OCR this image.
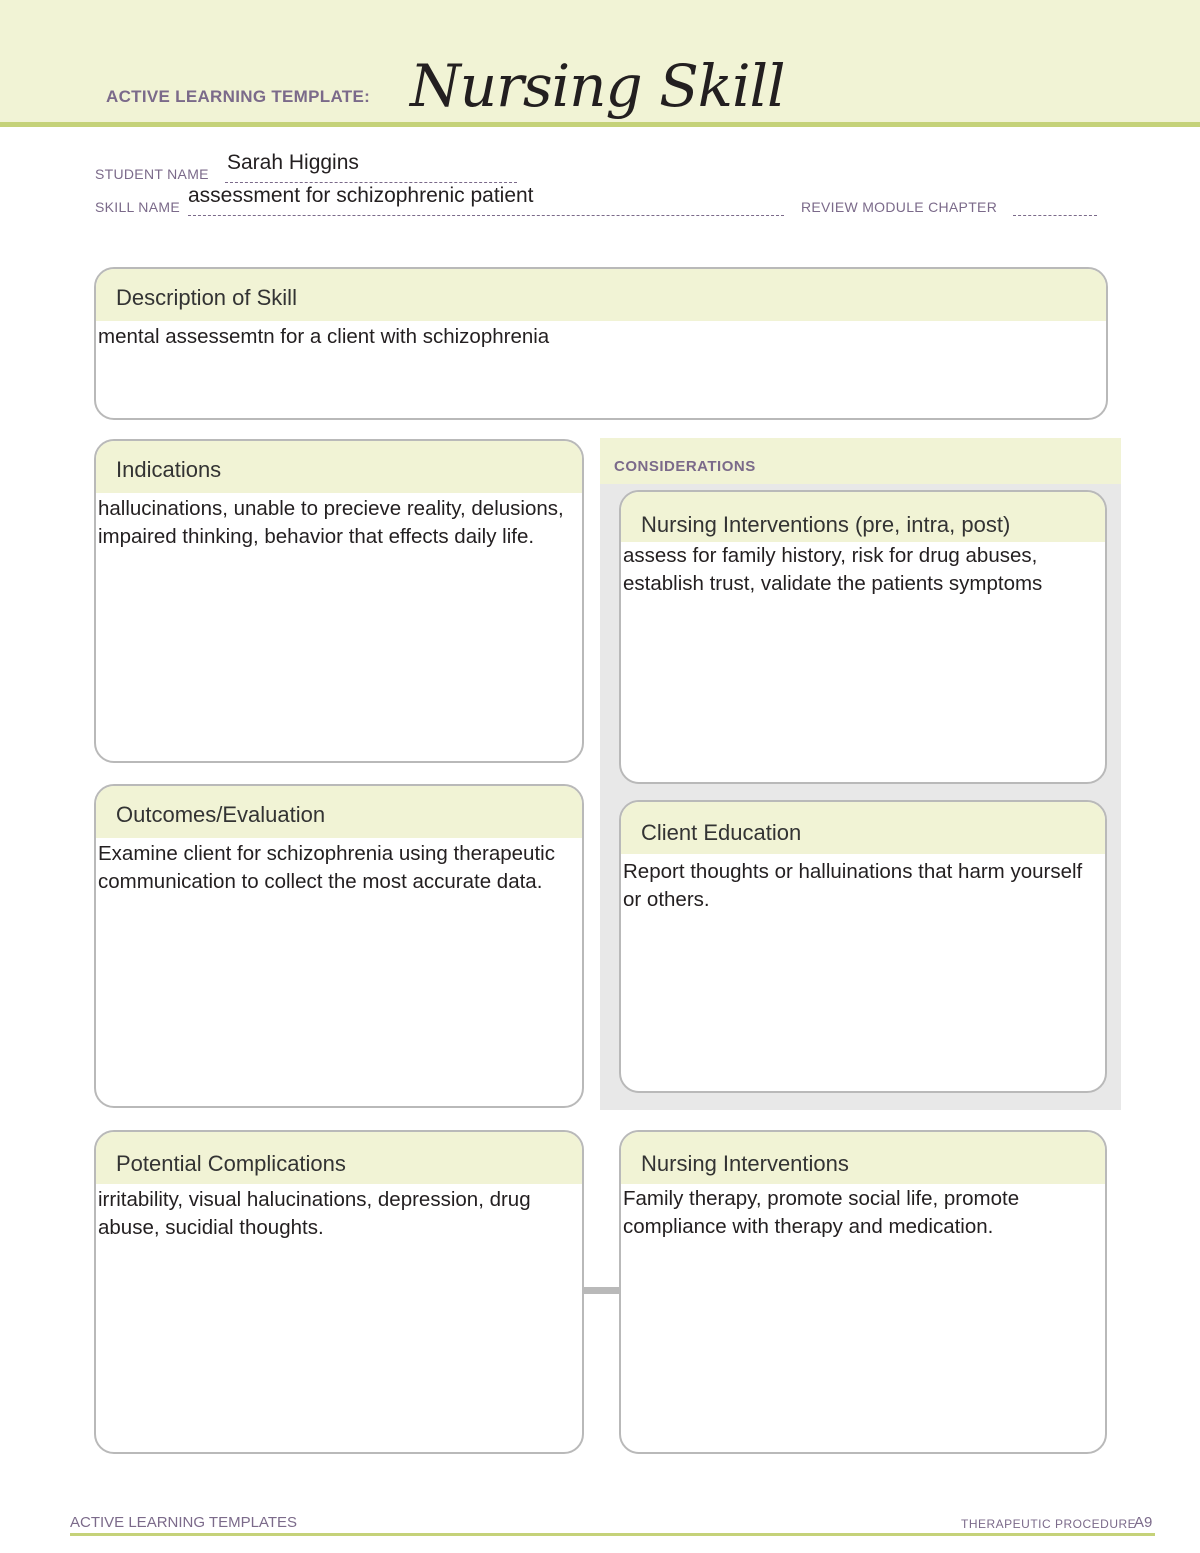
ACTIVE LEARNING TEMPLATE: Nursing Skill
STUDENT NAME Sarah Higgins
SKILL NAME assessment for schizophrenic patient	REVIEW MODULE CHAPTER
Description of Skill
mental assessemtn for a client with schizophrenia
Indications
hallucinations, unable to precieve reality, delusions, impaired thinking, behavior that effects daily life.
CONSIDERATIONS
Nursing Interventions (pre, intra, post)
assess for family history, risk for drug abuses, establish trust, validate the patients symptoms
Outcomes/Evaluation
Examine client for schizophrenia using therapeutic communication to collect the most accurate data.
Client Education
Report thoughts or halluinations that harm yourself or others.
Potential Complications
irritability, visual halucinations, depression, drug abuse, sucidial thoughts.
Nursing Interventions
Family therapy, promote social life, promote compliance with therapy and medication.
ACTIVE LEARNING TEMPLATES	THERAPEUTIC PROCEDURE
A9
